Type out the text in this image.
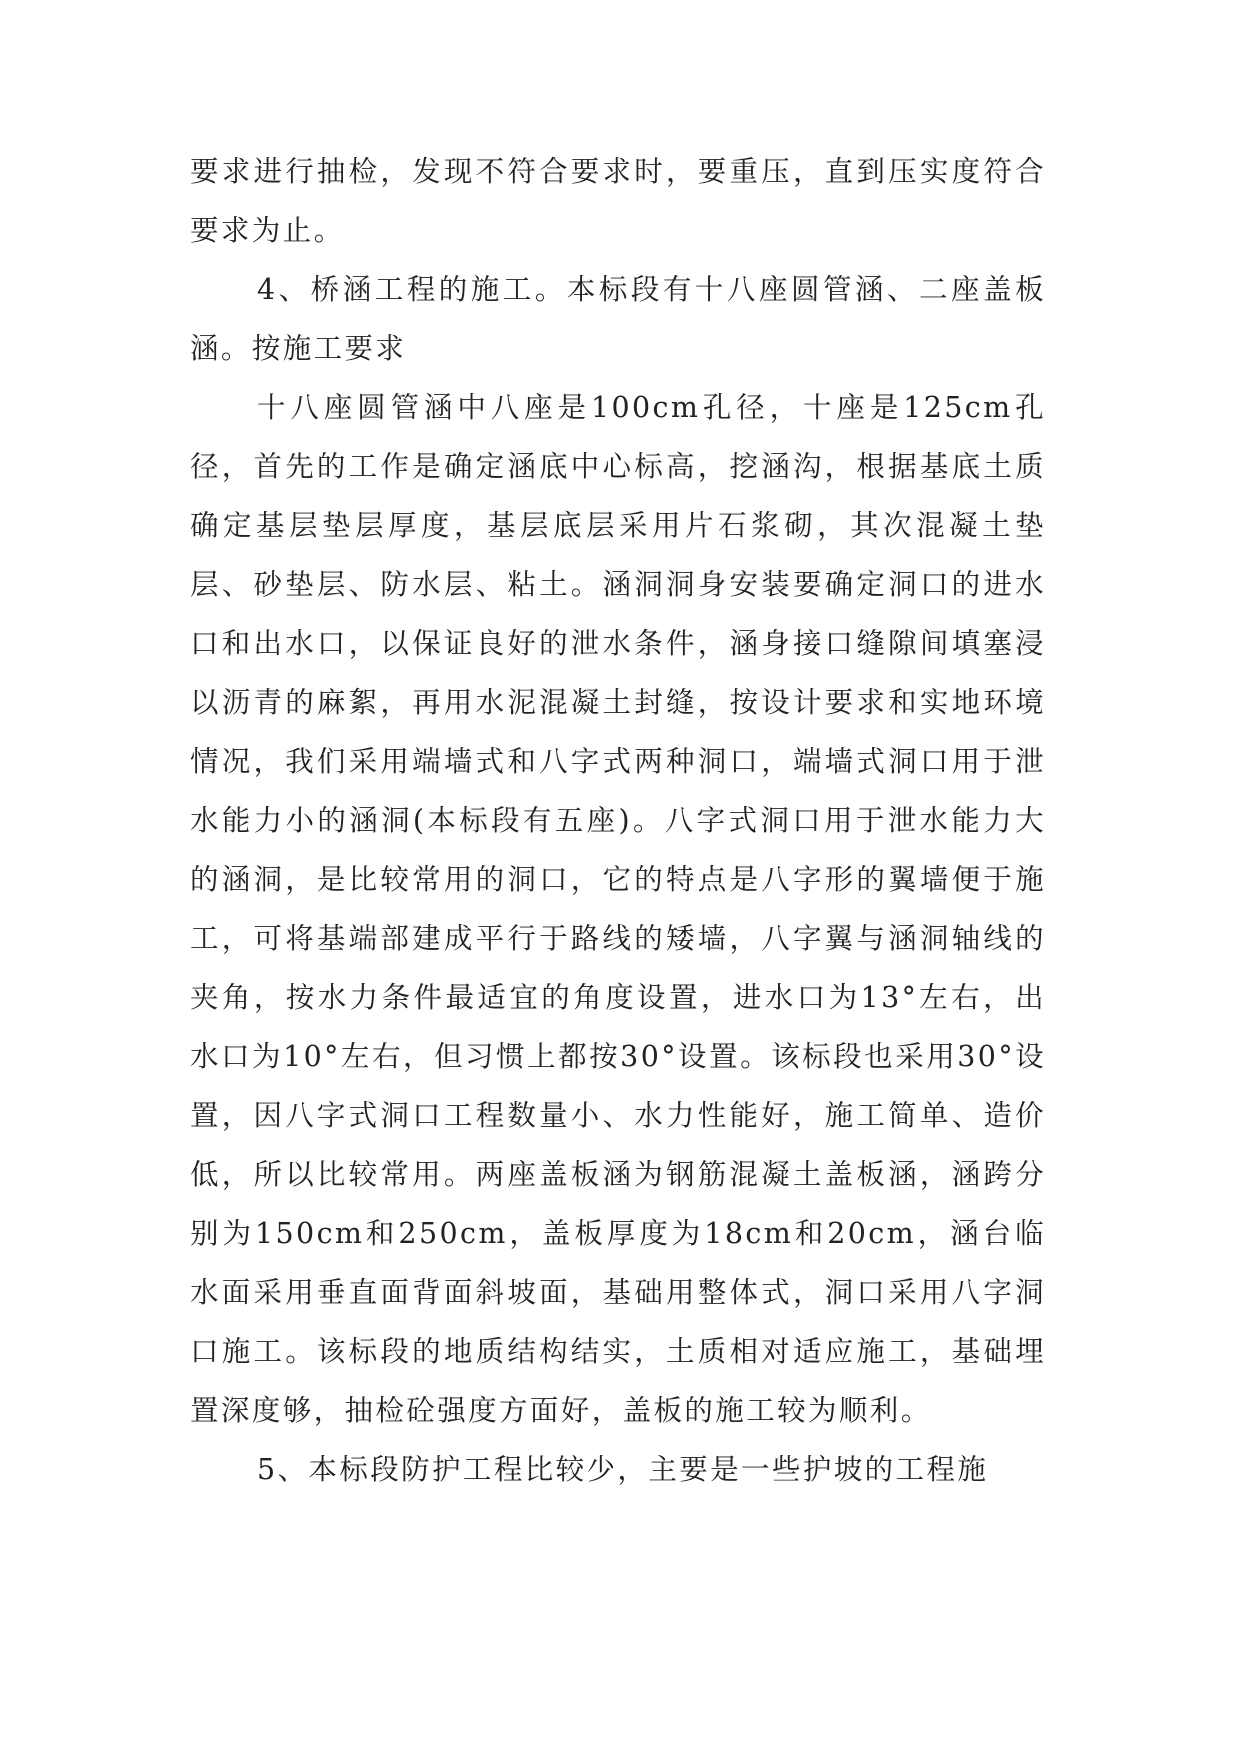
要求进行抽检，发现不符合要求时，要重压，直到压实度符合要求为止。

4、桥涵工程的施工。本标段有十八座圆管涵、二座盖板涵。按施工要求

十八座圆管涵中八座是100cm孔径，十座是125cm孔径，首先的工作是确定涵底中心标高，挖涵沟，根据基底土质确定基层垫层厚度，基层底层采用片石浆砌，其次混凝土垫层、砂垫层、防水层、粘土。涵洞洞身安装要确定洞口的进水口和出水口，以保证良好的泄水条件，涵身接口缝隙间填塞浸以沥青的麻絮，再用水泥混凝土封缝，按设计要求和实地环境情况，我们采用端墙式和八字式两种洞口，端墙式洞口用于泄水能力小的涵洞(本标段有五座)。八字式洞口用于泄水能力大的涵洞，是比较常用的洞口，它的特点是八字形的翼墙便于施工，可将基端部建成平行于路线的矮墙，八字翼与涵洞轴线的夹角，按水力条件最适宜的角度设置，进水口为13°左右，出水口为10°左右，但习惯上都按30°设置。该标段也采用30°设置，因八字式洞口工程数量小、水力性能好，施工简单、造价低，所以比较常用。两座盖板涵为钢筋混凝土盖板涵，涵跨分别为150cm和250cm，盖板厚度为18cm和20cm，涵台临水面采用垂直面背面斜坡面，基础用整体式，洞口采用八字洞口施工。该标段的地质结构结实，土质相对适应施工，基础埋置深度够，抽检砼强度方面好，盖板的施工较为顺利。

5、本标段防护工程比较少，主要是一些护坡的工程施
